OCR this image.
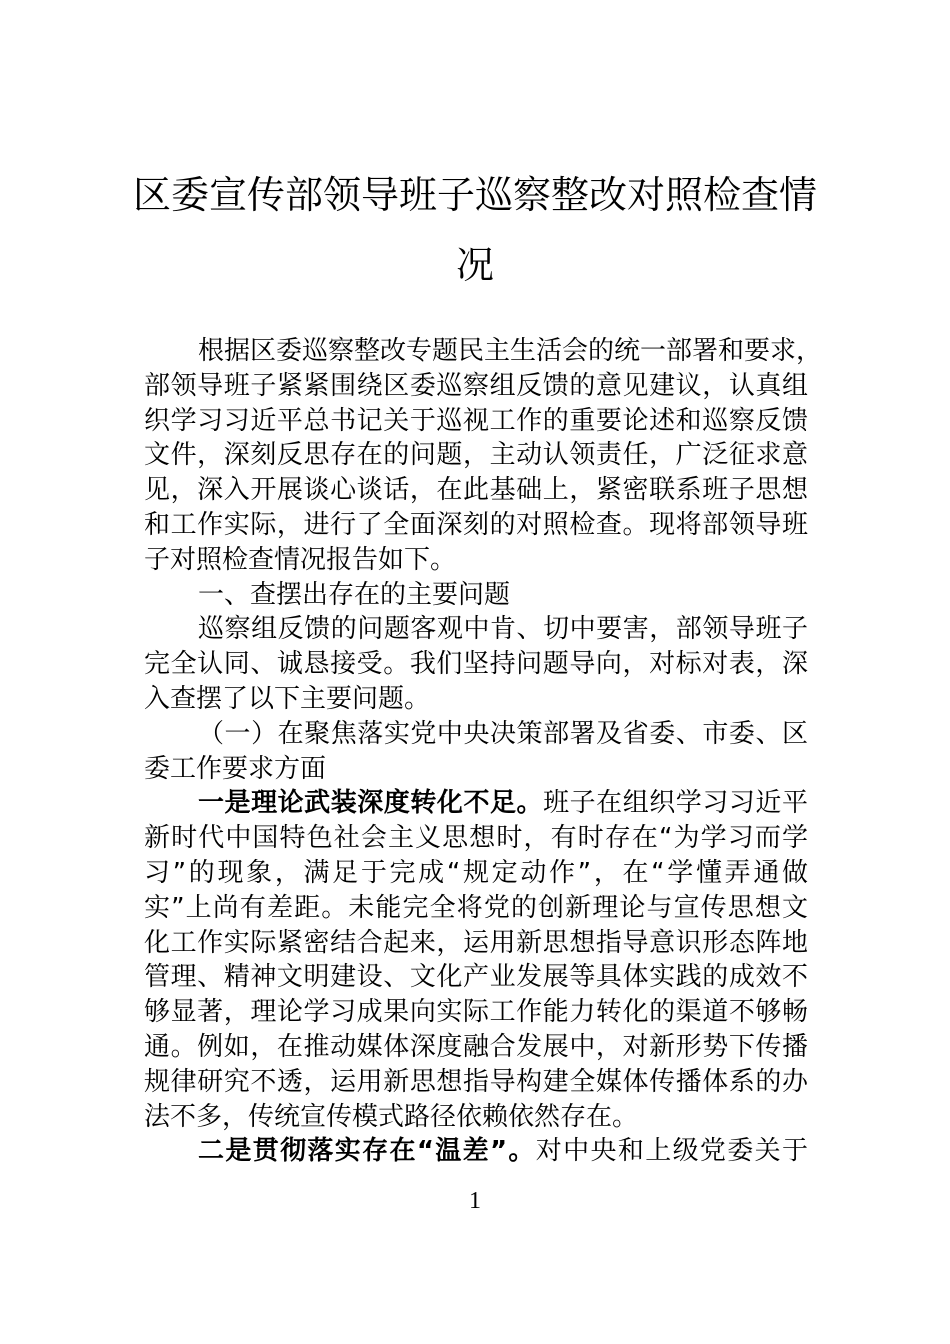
区委宣传部领导班子巡察整改对照检查情
况
根据区委巡察整改专题民主生活会的统一部署和要求，
部领导班子紧紧围绕区委巡察组反馈的意见建议，认真组
织学习习近平总书记关于巡视工作的重要论述和巡察反馈
文件，深刻反思存在的问题，主动认领责任，广泛征求意
见，深入开展谈心谈话，在此基础上，紧密联系班子思想
和工作实际，进行了全面深刻的对照检查。现将部领导班
子对照检查情况报告如下。
一、查摆出存在的主要问题
巡察组反馈的问题客观中肯、切中要害，部领导班子
完全认同、诚恳接受。我们坚持问题导向，对标对表，深
入查摆了以下主要问题。
（一）在聚焦落实党中央决策部署及省委、市委、区
委工作要求方面
一是理论武装深度转化不足。班子在组织学习习近平
新时代中国特色社会主义思想时，有时存在“为学习而学
习”的现象，满足于完成“规定动作”，在“学懂弄通做
实”上尚有差距。未能完全将党的创新理论与宣传思想文
化工作实际紧密结合起来，运用新思想指导意识形态阵地
管理、精神文明建设、文化产业发展等具体实践的成效不
够显著，理论学习成果向实际工作能力转化的渠道不够畅
通。例如，在推动媒体深度融合发展中，对新形势下传播
规律研究不透，运用新思想指导构建全媒体传播体系的办
法不多，传统宣传模式路径依赖依然存在。
二是贯彻落实存在“温差”。对中央和上级党委关于
1
